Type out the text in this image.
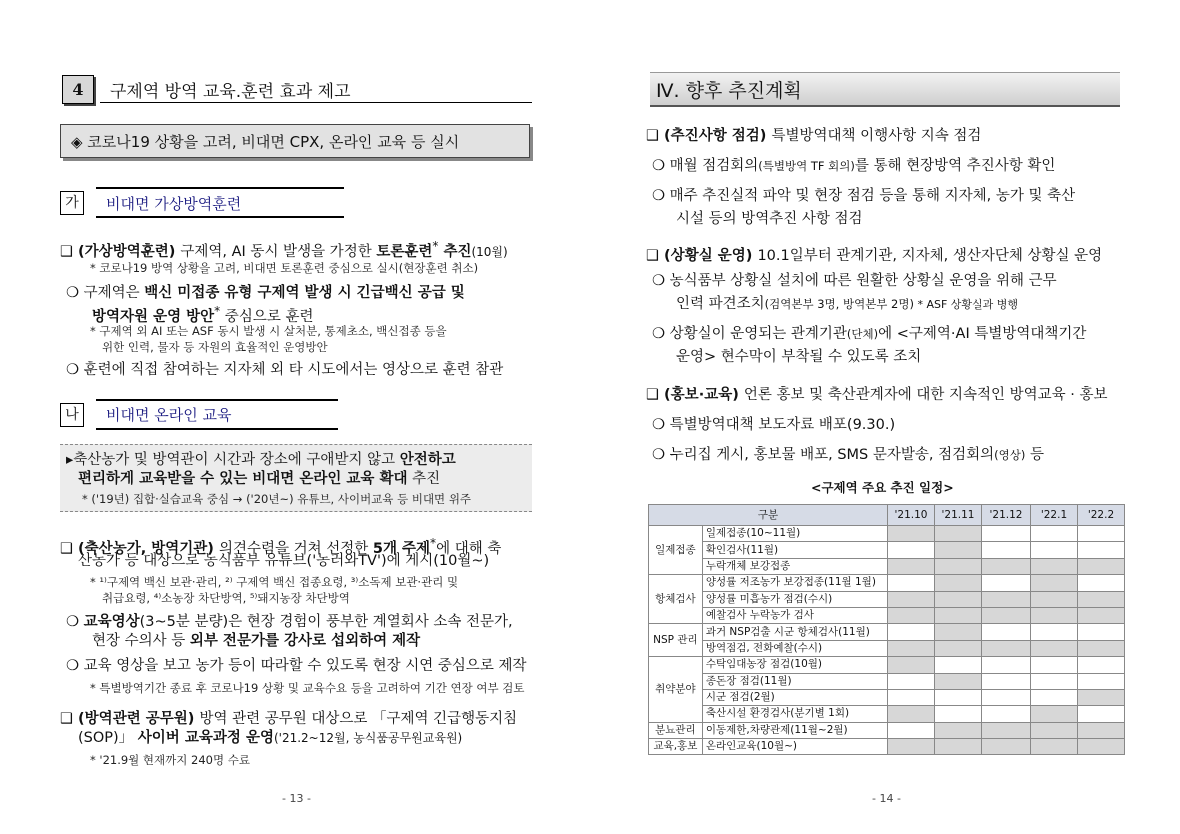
4	구제역 방역 교육.훈련 효과 제고
◈ 코로나19 상황을 고려, 비대면 CPX, 온라인 교육 등 실시
가	비대면 가상방역훈련
❑ (가상방역훈련) 구제역, AI 동시 발생을 가정한 토론훈련* 추진(10월)
* 코로나19 방역 상황을 고려, 비대면 토론훈련 중심으로 실시(현장훈련 취소)
❍ 구제역은 백신 미접종 유형 구제역 발생 시 긴급백신 공급 및
방역자원 운영 방안* 중심으로 훈련
* 구제역 외 AI 또는 ASF 동시 발생 시 살처분, 통제초소, 백신접종 등을
위한 인력, 물자 등 자원의 효율적인 운영방안
❍ 훈련에 직접 참여하는 지자체 외 타 시도에서는 영상으로 훈련 참관
나	비대면 온라인 교육
▸축산농가 및 방역관이 시간과 장소에 구애받지 않고 안전하고
편리하게 교육받을 수 있는 비대면 온라인 교육 확대 추진
* ('19년) 집합·실습교육 중심 → ('20년~) 유튜브, 사이버교육 등 비대면 위주
❑ (축산농가, 방역기관) 의견수렴을 거쳐 선정한 5개 주제*에 대해 축
산농가 등 대상으로 농식품부 유튜브('농러와TV')에 게시(10월~)
* ¹⁾구제역 백신 보관·관리, ²⁾ 구제역 백신 접종요령, ³⁾소독제 보관·관리 및
취급요령, ⁴⁾소농장 차단방역, ⁵⁾돼지농장 차단방역
❍ 교육영상(3~5분 분량)은 현장 경험이 풍부한 계열회사 소속 전문가,
현장 수의사 등 외부 전문가를 강사로 섭외하여 제작
❍ 교육 영상을 보고 농가 등이 따라할 수 있도록 현장 시연 중심으로 제작
* 특별방역기간 종료 후 코로나19 상황 및 교육수요 등을 고려하여 기간 연장 여부 검토
❑ (방역관련 공무원) 방역 관련 공무원 대상으로 「구제역 긴급행동지침
(SOP)」 사이버 교육과정 운영('21.2~12월, 농식품공무원교육원)
* '21.9월 현재까지 240명 수료
- 13 -
Ⅳ. 향후 추진계획
❑ (추진사항 점검) 특별방역대책 이행사항 지속 점검
❍ 매월 점검회의(특별방역 TF 회의)를 통해 현장방역 추진사항 확인
❍ 매주 추진실적 파악 및 현장 점검 등을 통해 지자체, 농가 및 축산
시설 등의 방역추진 사항 점검
❑ (상황실 운영) 10.1일부터 관계기관, 지자체, 생산자단체 상황실 운영
❍ 농식품부 상황실 설치에 따른 원활한 상황실 운영을 위해 근무
인력 파견조치(검역본부 3명, 방역본부 2명) * ASF 상황실과 병행
❍ 상황실이 운영되는 관계기관(단체)에 <구제역·AI 특별방역대책기간
운영> 현수막이 부착될 수 있도록 조치
❑ (홍보·교육) 언론 홍보 및 축산관계자에 대한 지속적인 방역교육 · 홍보
❍ 특별방역대책 보도자료 배포(9.30.)
❍ 누리집 게시, 홍보물 배포, SMS 문자발송, 점검회의(영상) 등
<구제역 주요 추진 일정>
- 14 -
구분		'21.10	'21.11	'21.12	'22.1	'22.2
일제접종	일제접종(10~11월)					
	확인검사(11월)					
	누락개체 보강접종					
항체검사	양성률 저조농가 보강접종(11월 1월)					
	양성률 미흡농가 점검(수시)					
	예찰검사 누락농가 검사					
NSP 관리	과거 NSP검출 시군 항체검사(11월)					
	방역점검, 전화예찰(수시)					
취약분야	수탁임대농장 점검(10월)					
	종돈장 점검(11월)					
	시군 점검(2월)					
	축산시설 환경검사(분기별 1회)					
분뇨관리	이동제한,차량관제(11월~2월)					
교육,홍보	온라인교육(10월~)					
